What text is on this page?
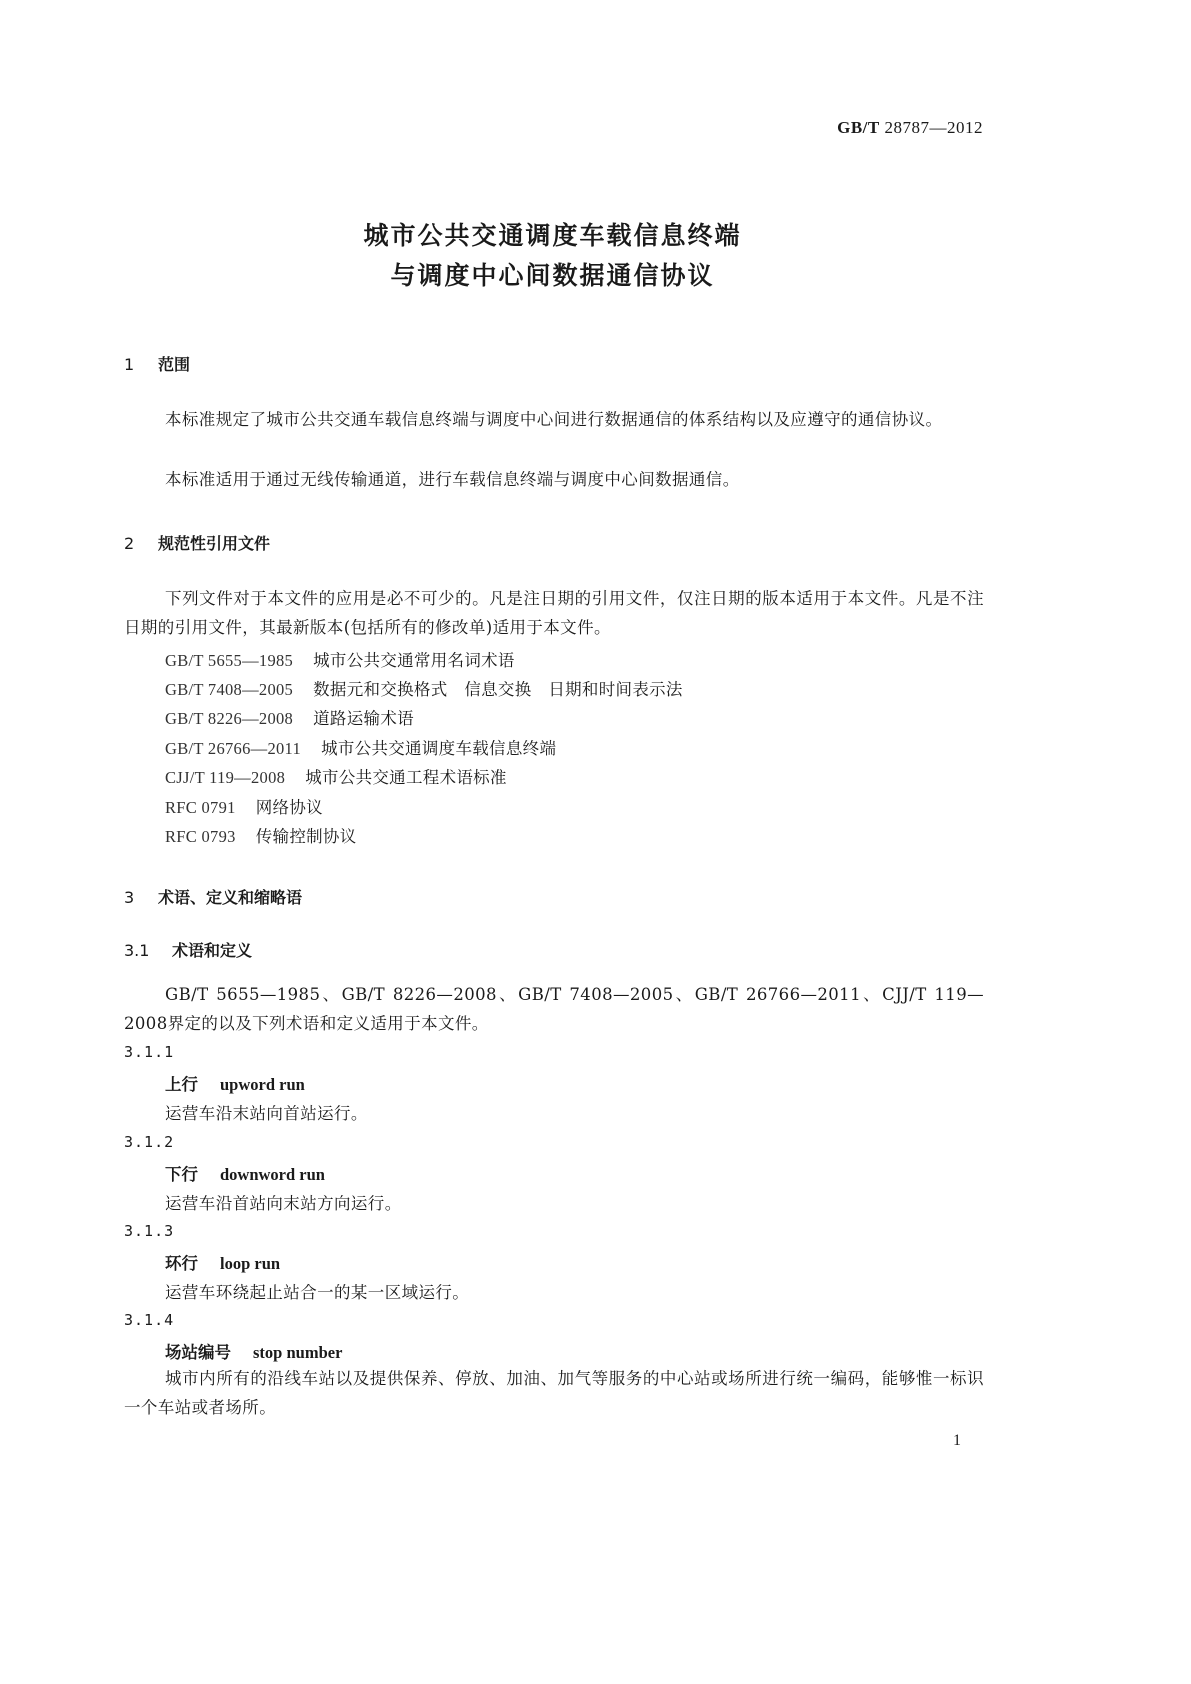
GB/T 28787—2012
城市公共交通调度车载信息终端
与调度中心间数据通信协议
1 范围
本标准规定了城市公共交通车载信息终端与调度中心间进行数据通信的体系结构以及应遵守的通信协议。
本标准适用于通过无线传输通道，进行车载信息终端与调度中心间数据通信。
2 规范性引用文件
下列文件对于本文件的应用是必不可少的。凡是注日期的引用文件，仅注日期的版本适用于本文件。凡是不注日期的引用文件，其最新版本(包括所有的修改单)适用于本文件。
GB/T 5655—1985 城市公共交通常用名词术语
GB/T 7408—2005 数据元和交换格式　信息交换　日期和时间表示法
GB/T 8226—2008 道路运输术语
GB/T 26766—2011 城市公共交通调度车载信息终端
CJJ/T 119—2008 城市公共交通工程术语标准
RFC 0791 网络协议
RFC 0793 传输控制协议
3 术语、定义和缩略语
3.1 术语和定义
GB/T 5655—1985、GB/T 8226—2008、GB/T 7408—2005、GB/T 26766—2011、CJJ/T 119—2008界定的以及下列术语和定义适用于本文件。
3.1.1
上行 upword run
运营车沿末站向首站运行。
3.1.2
下行 downword run
运营车沿首站向末站方向运行。
3.1.3
环行 loop run
运营车环绕起止站合一的某一区域运行。
3.1.4
场站编号 stop number
城市内所有的沿线车站以及提供保养、停放、加油、加气等服务的中心站或场所进行统一编码，能够惟一标识一个车站或者场所。
1
